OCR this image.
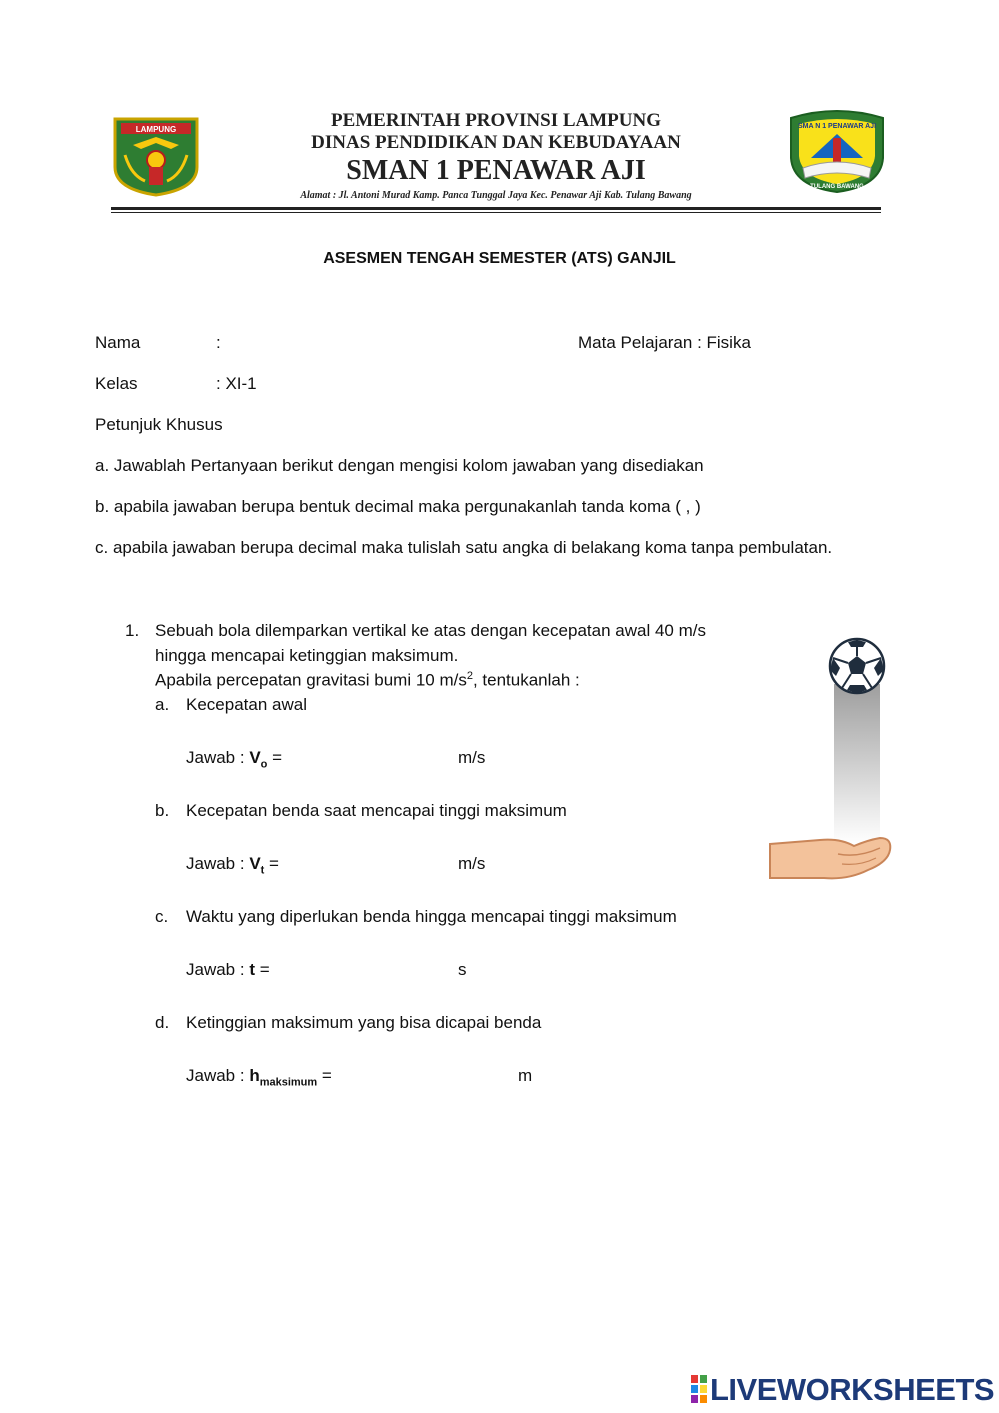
LAMPUNG	PEMERINTAH PROVINSI LAMPUNG
DINAS PENDIDIKAN DAN KEBUDAYAAN
SMAN 1 PENAWAR AJI
Alamat : Jl. Antoni Murad Kamp. Panca Tunggal Jaya Kec. Penawar Aji Kab. Tulang Bawang
SMA N 1 PENAWAR AJI
TULANG BAWANG
ASESMEN TENGAH SEMESTER (ATS) GANJIL
Nama	:	Mata Pelajaran : Fisika
Kelas	: XI-1
Petunjuk Khusus
a. Jawablah Pertanyaan berikut dengan mengisi kolom jawaban yang disediakan
b. apabila jawaban berupa bentuk decimal maka pergunakanlah tanda koma ( , )
c. apabila jawaban berupa decimal maka tulislah satu angka di belakang koma tanpa pembulatan.
1. Sebuah bola dilemparkan vertikal ke atas dengan kecepatan awal 40 m/s
hingga mencapai ketinggian maksimum.
Apabila percepatan gravitasi bumi 10 $m/s^2$, tentukanlah :
a. Kecepatan awal
Jawab : $V_o$ =	m/s
b. Kecepatan benda saat mencapai tinggi maksimum
Jawab : $V_t$ =	m/s
c. Waktu yang diperlukan benda hingga mencapai tinggi maksimum
Jawab : t =	s
d. Ketinggian maksimum yang bisa dicapai benda
Jawab : $h_{maksimum}$ =	m
LIVEWORKSHEETS
